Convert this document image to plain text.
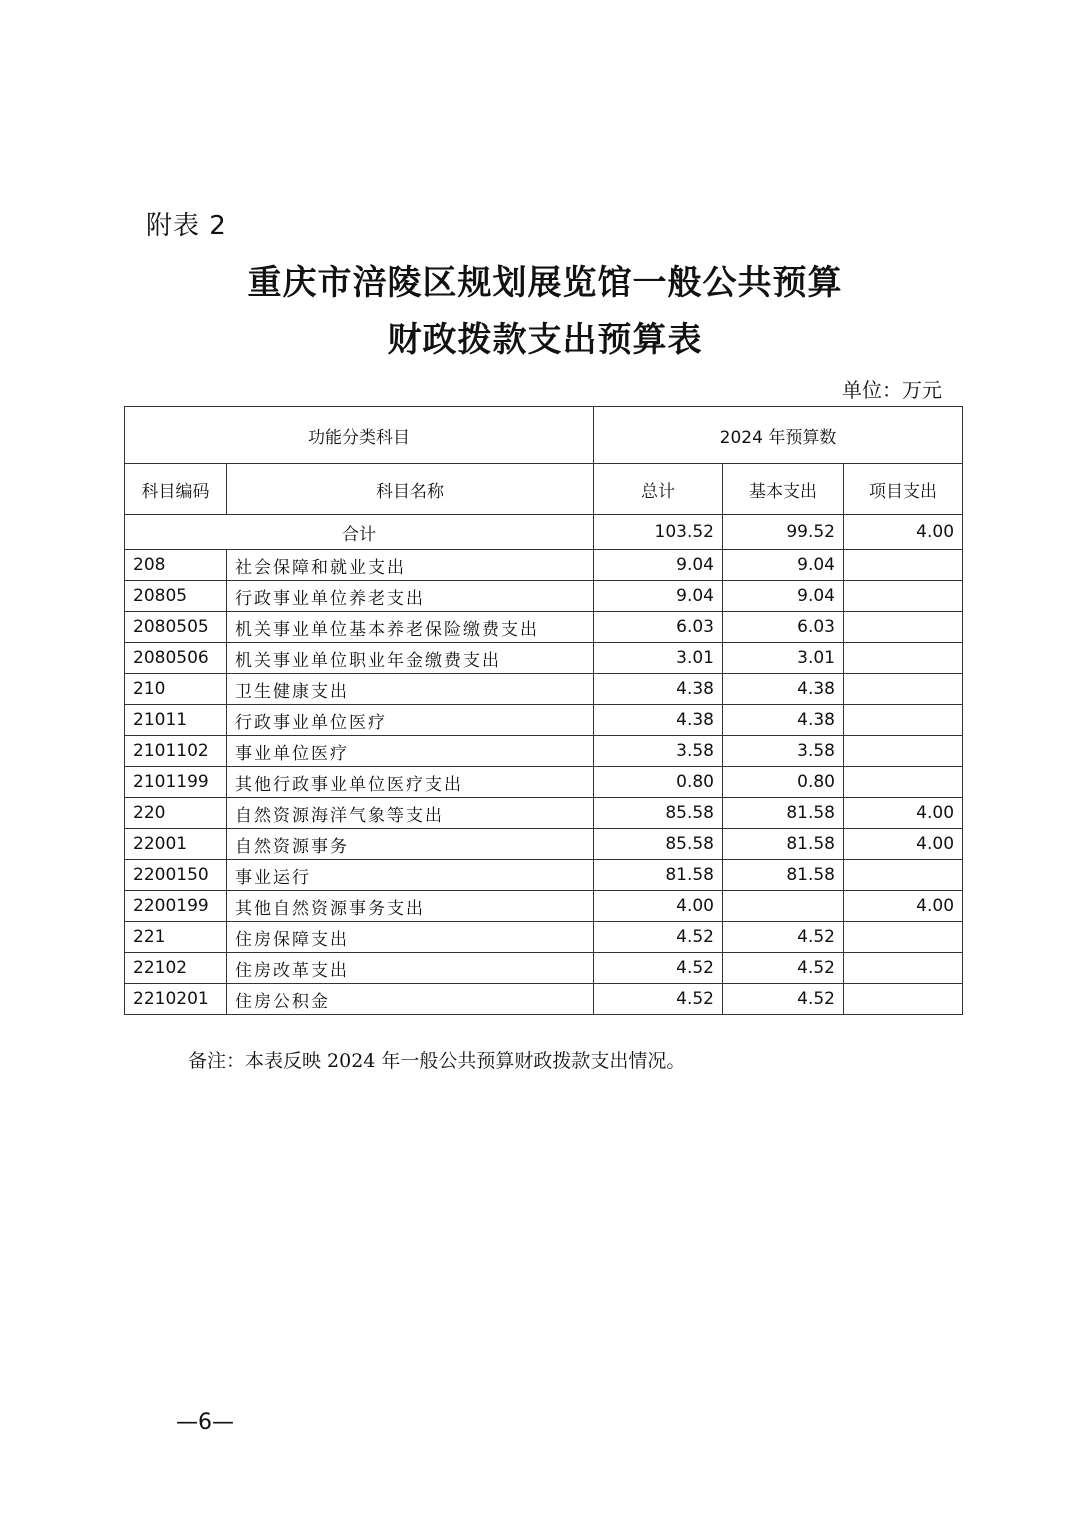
附表 2
重庆市涪陵区规划展览馆一般公共预算
财政拨款支出预算表
单位：万元
功能分类科目		2024 年预算数		
科目编码	科目名称	总计	基本支出	项目支出
合计		103.52	99.52	4.00
208	社会保障和就业支出	9.04	9.04	
20805	行政事业单位养老支出	9.04	9.04	
2080505	机关事业单位基本养老保险缴费支出	6.03	6.03	
2080506	机关事业单位职业年金缴费支出	3.01	3.01	
210	卫生健康支出	4.38	4.38	
21011	行政事业单位医疗	4.38	4.38	
2101102	事业单位医疗	3.58	3.58	
2101199	其他行政事业单位医疗支出	0.80	0.80	
220	自然资源海洋气象等支出	85.58	81.58	4.00
22001	自然资源事务	85.58	81.58	4.00
2200150	事业运行	81.58	81.58	
2200199	其他自然资源事务支出	4.00		4.00
221	住房保障支出	4.52	4.52	
22102	住房改革支出	4.52	4.52	
2210201	住房公积金	4.52	4.52	
备注：本表反映 2024 年一般公共预算财政拨款支出情况。
—6—
